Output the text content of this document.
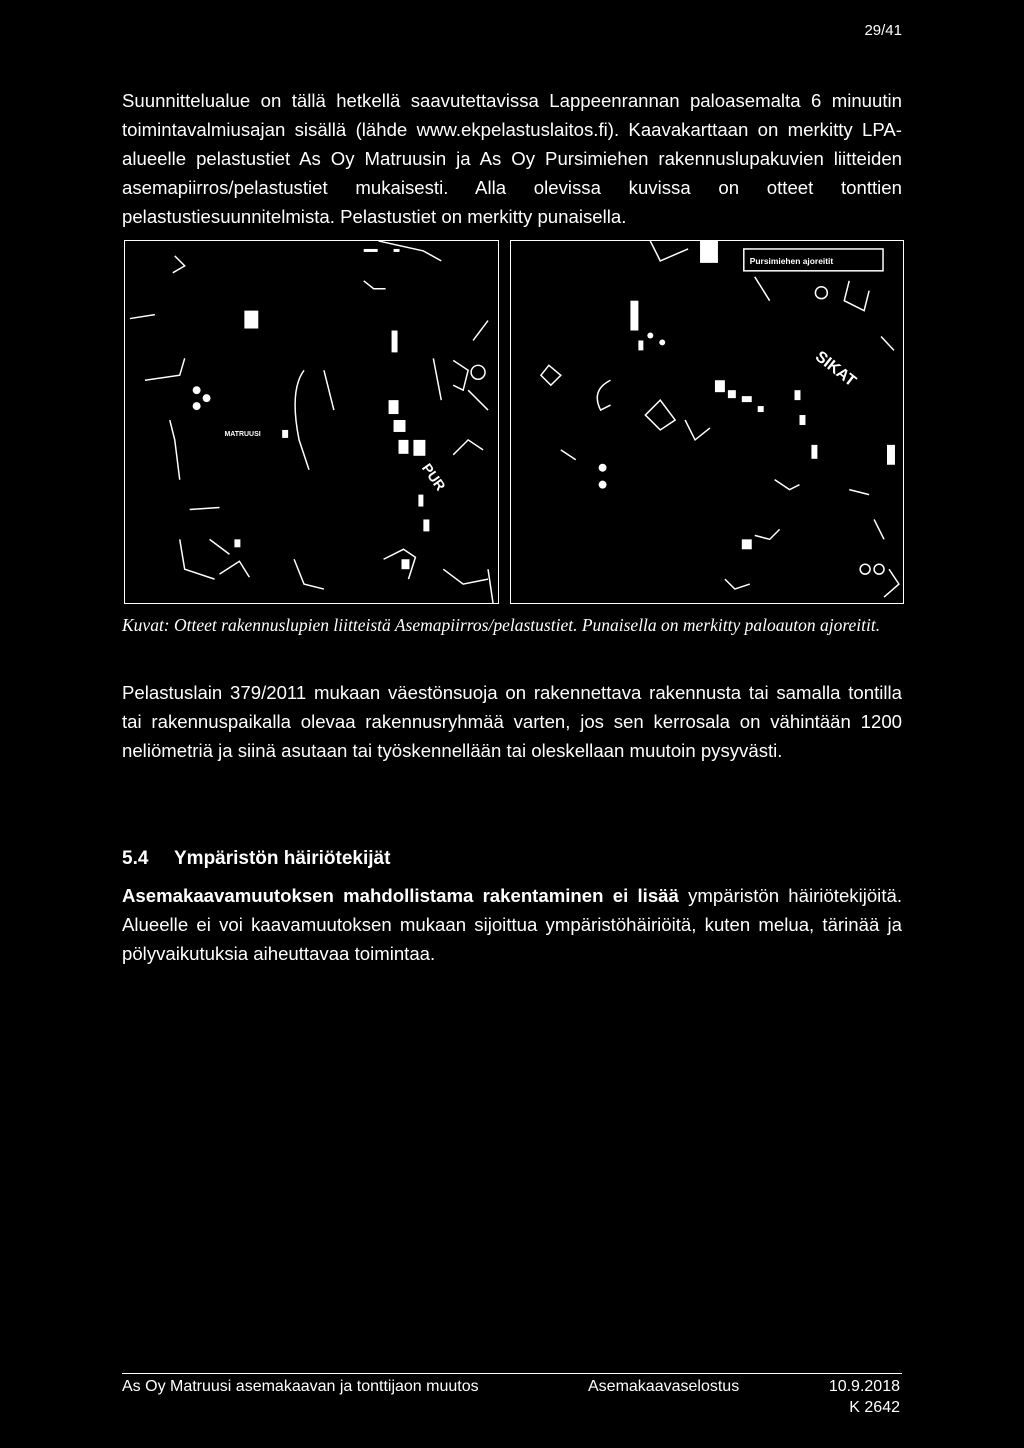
29/41

Suunnittelualue on tällä hetkellä saavutettavissa Lappeenrannan paloasemalta 6 minuutin toimintavalmiusajan sisällä (lähde www.ekpelastuslaitos.fi). Kaavakarttaan on merkitty LPA-alueelle pelastustiet As Oy Matruusin ja As Oy Pursimiehen rakennuslupakuvien liitteiden asemapiirros/pelastustiet mukaisesti. Alla olevissa kuvissa on otteet tonttien pelastustiesuunnitelmista. Pelastustiet on merkitty punaisella.

MATRUUSI
PUR
Pursimiehen ajoreitit
SIKAT
Kuvat: Otteet rakennuslupien liitteistä Asemapiirros/pelastustiet. Punaisella on merkitty paloauton ajoreitit.

Pelastuslain 379/2011 mukaan väestönsuoja on rakennettava rakennusta tai samalla tontilla tai rakennuspaikalla olevaa rakennusryhmää varten, jos sen kerrosala on vähintään 1200 neliömetriä ja siinä asutaan tai työskennellään tai oleskellaan muutoin pysyvästi.

5.4 Ympäristön häiriötekijät

Asemakaavamuutoksen mahdollistama rakentaminen ei lisää ympäristön häiriötekijöitä. Alueelle ei voi kaavamuutoksen mukaan sijoittua ympäristöhäiriöitä, kuten melua, tärinää ja pölyvaikutuksia aiheuttavaa toimintaa.

As Oy Matruusi asemakaavan ja tonttijaon muutos	Asemakaavaselostus	10.9.2018
K 2642
